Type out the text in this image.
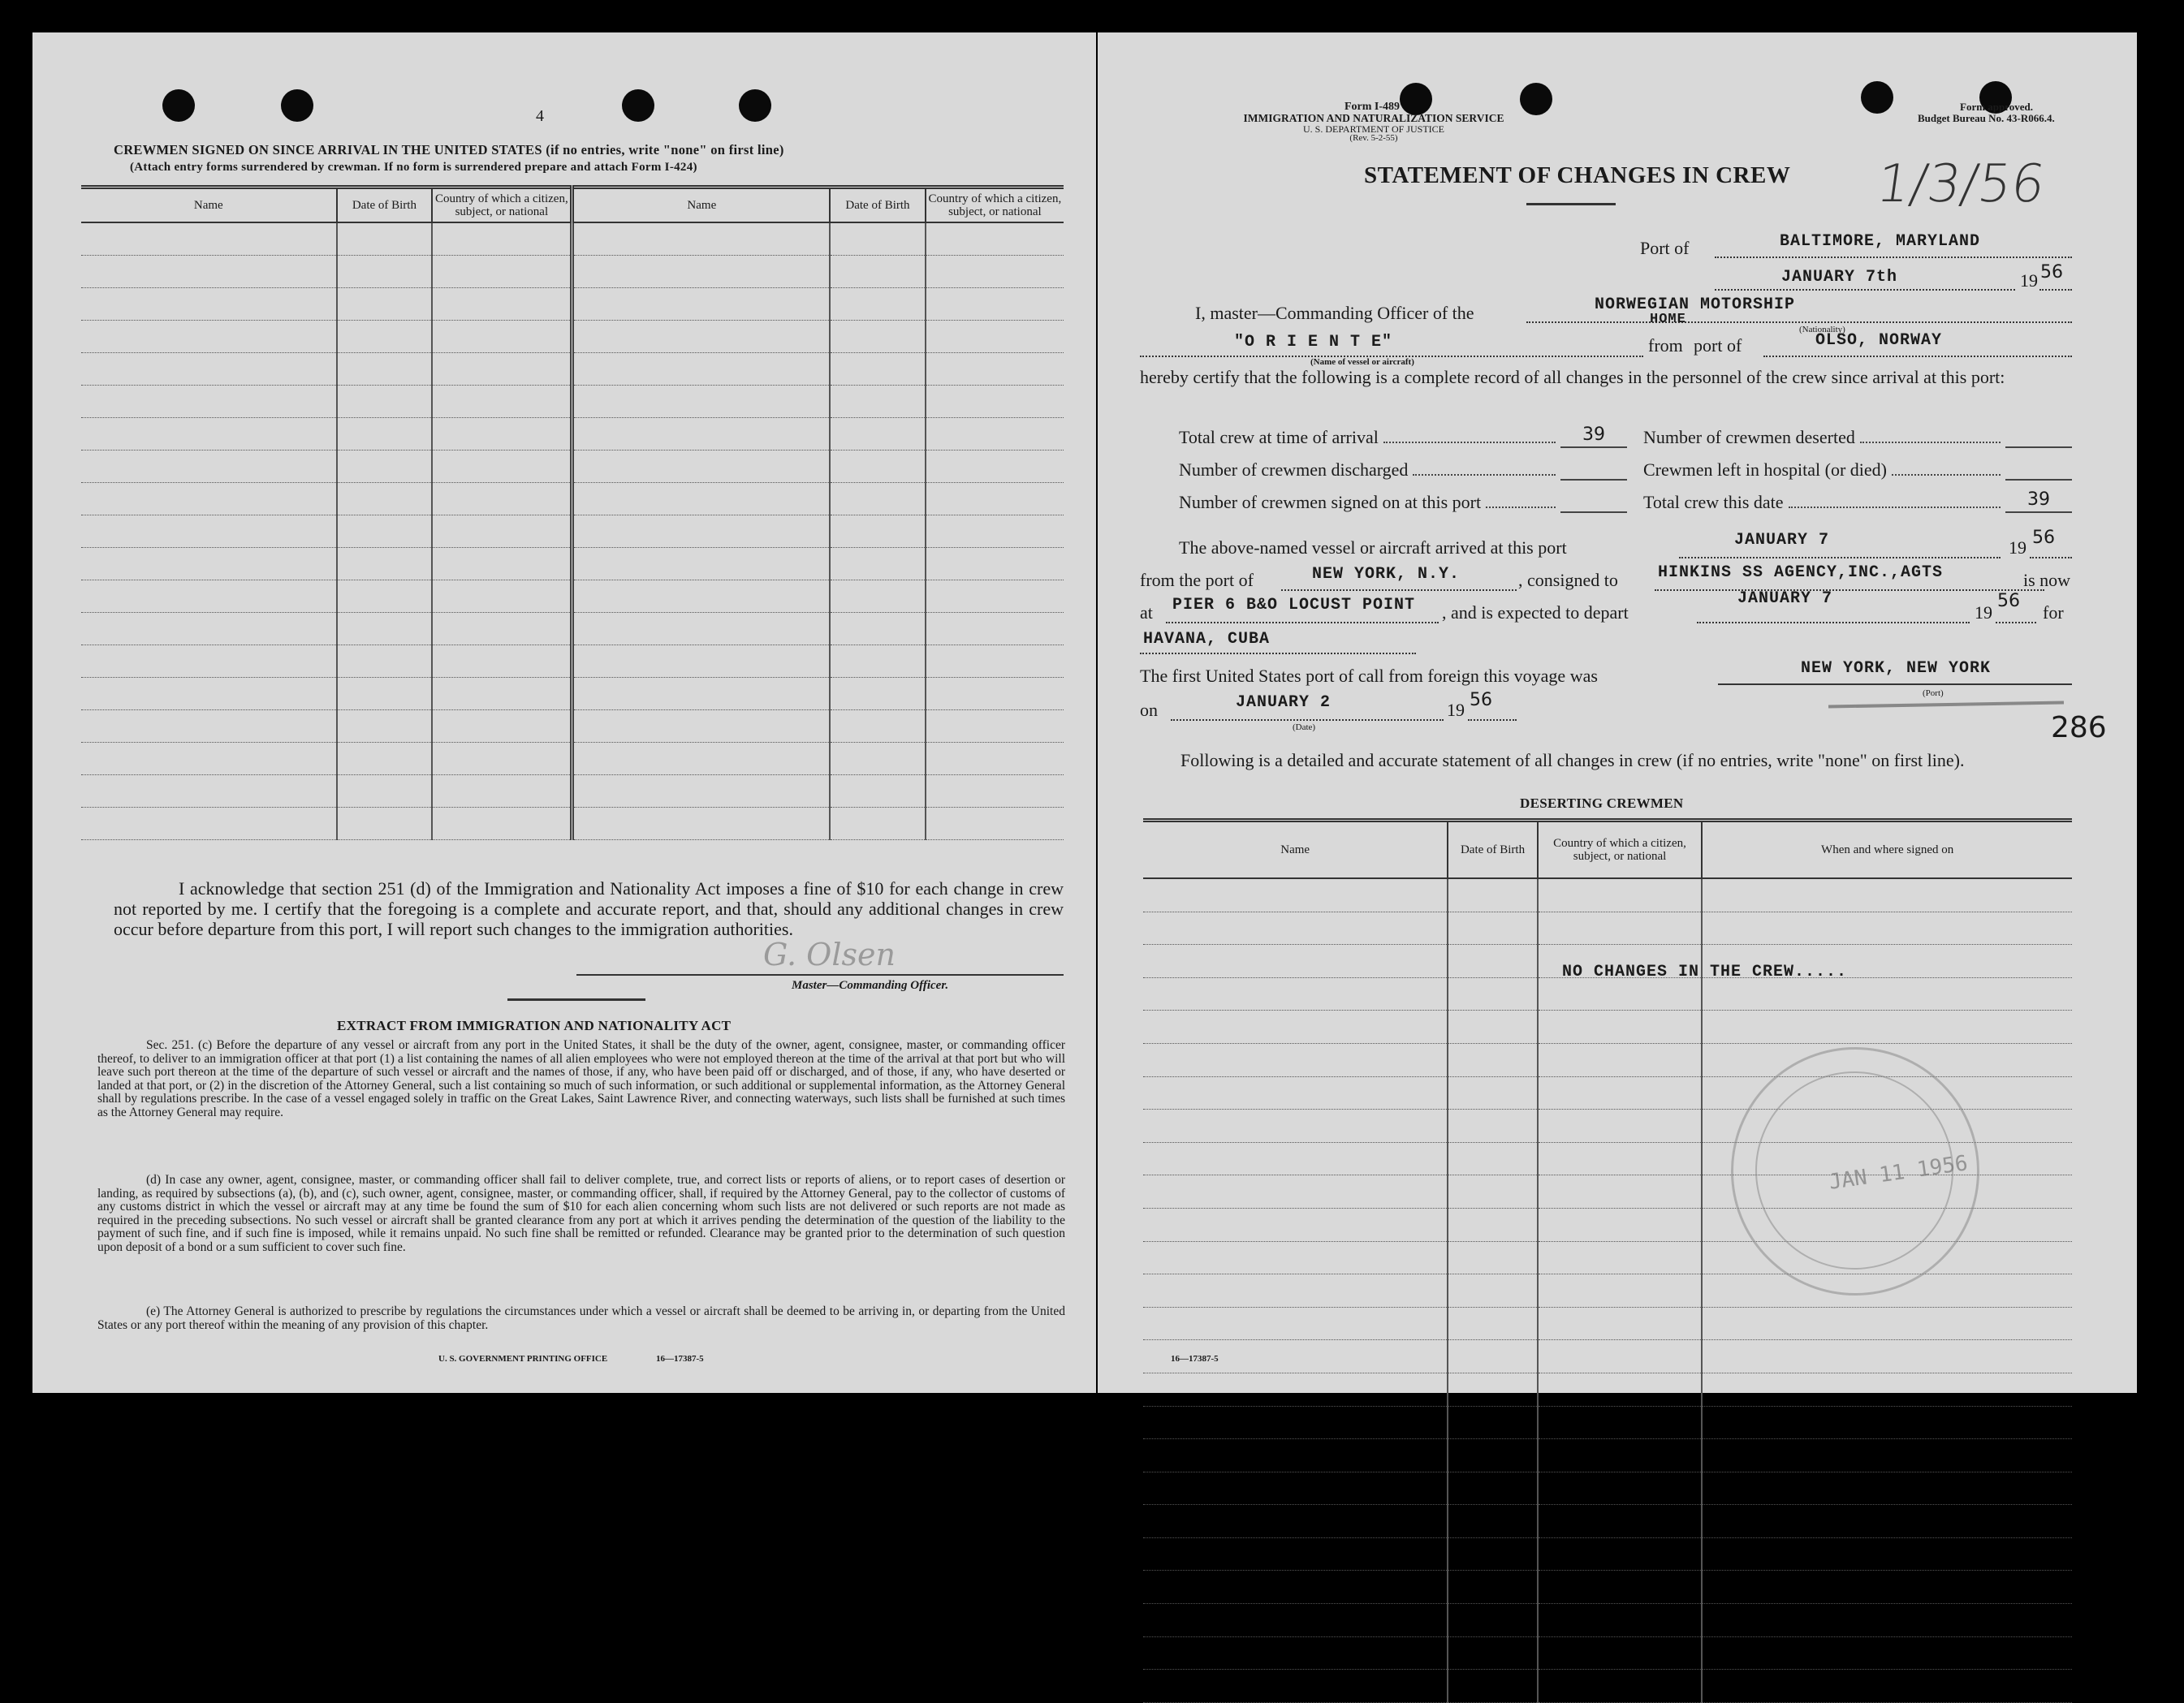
4
CREWMEN SIGNED ON SINCE ARRIVAL IN THE UNITED STATES (if no entries, write "none" on first line)
(Attach entry forms surrendered by crewman. If no form is surrendered prepare and attach Form I-424)
Name	Date of Birth	Country of which a citizen, subject, or national	Name	Date of Birth	Country of which a citizen, subject, or national

I acknowledge that section 251 (d) of the Immigration and Nationality Act imposes a fine of $10 for each change in crew not reported by me. I certify that the foregoing is a complete and accurate report, and that, should any additional changes in crew occur before departure from this port, I will report such changes to the immigration authorities.
G. Olsen
Master—Commanding Officer.
EXTRACT FROM IMMIGRATION AND NATIONALITY ACT
Sec. 251. (c) Before the departure of any vessel or aircraft from any port in the United States, it shall be the duty of the owner, agent, consignee, master, or commanding officer thereof, to deliver to an immigration officer at that port (1) a list containing the names of all alien employees who were not employed thereon at the time of the arrival at that port but who will leave such port thereon at the time of the departure of such vessel or aircraft and the names of those, if any, who have been paid off or discharged, and of those, if any, who have deserted or landed at that port, or (2) in the discretion of the Attorney General, such a list containing so much of such information, or such additional or supplemental information, as the Attorney General shall by regulations prescribe. In the case of a vessel engaged solely in traffic on the Great Lakes, Saint Lawrence River, and connecting waterways, such lists shall be furnished at such times as the Attorney General may require.
(d) In case any owner, agent, consignee, master, or commanding officer shall fail to deliver complete, true, and correct lists or reports of aliens, or to report cases of desertion or landing, as required by subsections (a), (b), and (c), such owner, agent, consignee, master, or commanding officer, shall, if required by the Attorney General, pay to the collector of customs of any customs district in which the vessel or aircraft may at any time be found the sum of $10 for each alien concerning whom such lists are not delivered or such reports are not made as required in the preceding subsections. No such vessel or aircraft shall be granted clearance from any port at which it arrives pending the determination of the question of the liability to the payment of such fine, and if such fine is imposed, while it remains unpaid. No such fine shall be remitted or refunded. Clearance may be granted prior to the determination of such question upon deposit of a bond or a sum sufficient to cover such fine.
(e) The Attorney General is authorized to prescribe by regulations the circumstances under which a vessel or aircraft shall be deemed to be arriving in, or departing from the United States or any port thereof within the meaning of any provision of this chapter.
U. S. GOVERNMENT PRINTING OFFICE	16—17387-5
Form I-489
IMMIGRATION AND NATURALIZATION SERVICE
U. S. DEPARTMENT OF JUSTICE
(Rev. 5-2-55)
Form approved.
Budget Bureau No. 43-R066.4.
STATEMENT OF CHANGES IN CREW 1/3/56
Port of	BALTIMORE, MARYLAND
JANUARY 7th	19 56
I, master—Commanding Officer of the	NORWEGIAN MOTORSHIP
HOME
(Nationality)
"O R I E N T E"
(Name of vessel or aircraft)
from port of	OLSO, NORWAY
hereby certify that the following is a complete record of all changes in the personnel of the crew since arrival at this port:
Total crew at time of arrival	39
Number of crewmen discharged
Number of crewmen signed on at this port
Number of crewmen deserted
Crewmen left in hospital (or died)
Total crew this date	39
The above-named vessel or aircraft arrived at this port	JANUARY 7	19 56
from the port of	NEW YORK, N.Y.	, consigned to HINKINS SS AGENCY,INC.,AGTS	is now
at PIER 6 B&O LOCUST POINT , and is expected to depart
JANUARY 7
19
56
for
HAVANA, CUBA
The first United States port of call from foreign this voyage was	NEW YORK, NEW YORK
(Port)
on	JANUARY 2
(Date)
19 56
286
Following is a detailed and accurate statement of all changes in crew (if no entries, write "none" on first line).
DESERTING CREWMEN
Name	Date of Birth	Country of which a citizen, subject, or national	When and where signed on

NO CHANGES IN THE CREW.....
JAN 11 1956
16—17387-5
